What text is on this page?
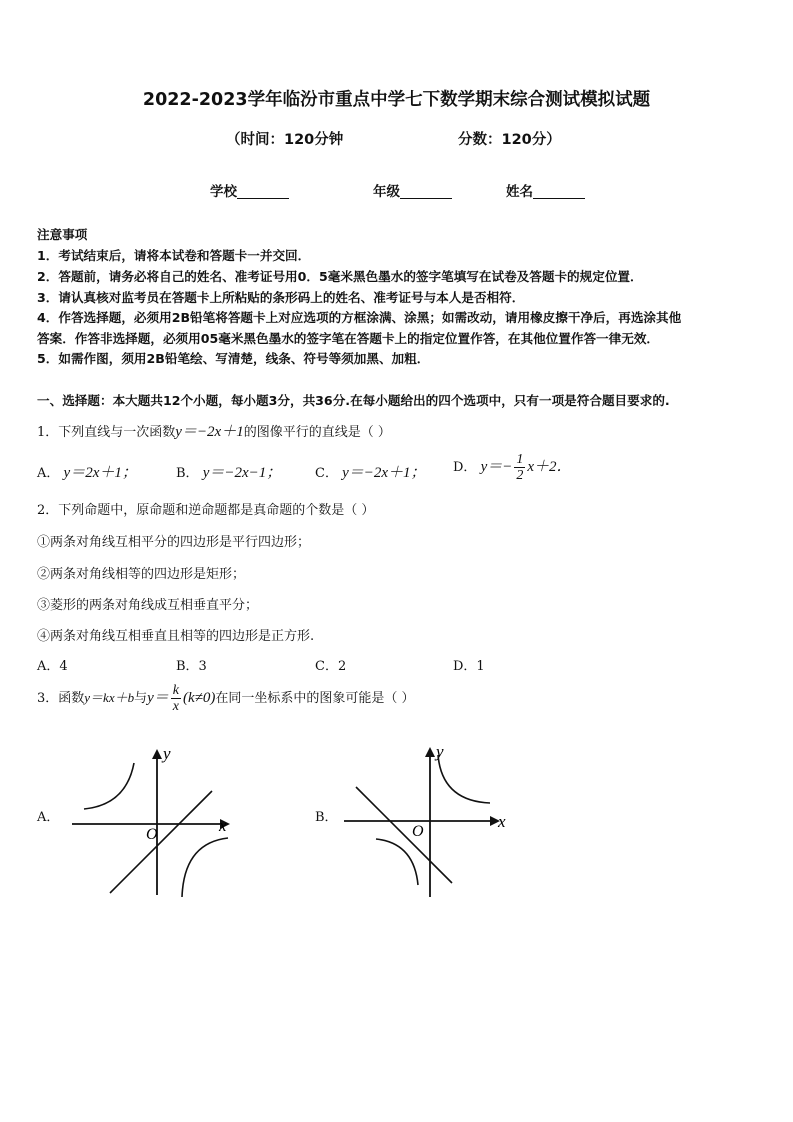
2022-2023学年临汾市重点中学七下数学期末综合测试模拟试题
（时间：120分钟	分数：120分）
学校	年级	姓名
注意事项
1．考试结束后，请将本试卷和答题卡一并交回．
2．答题前，请务必将自己的姓名、准考证号用0．5毫米黑色墨水的签字笔填写在试卷及答题卡的规定位置．
3．请认真核对监考员在答题卡上所粘贴的条形码上的姓名、准考证号与本人是否相符．
4．作答选择题，必须用2B铅笔将答题卡上对应选项的方框涂满、涂黑；如需改动，请用橡皮擦干净后，再选涂其他
答案．作答非选择题，必须用05毫米黑色墨水的签字笔在答题卡上的指定位置作答，在其他位置作答一律无效．
5．如需作图，须用2B铅笔绘、写清楚，线条、符号等须加黑、加粗．
一、选择题：本大题共12个小题，每小题3分，共36分.在每小题给出的四个选项中，只有一项是符合题目要求的.
1．下列直线与一次函数y＝−2x＋1的图像平行的直线是（ ）
A． y＝2x＋1；	B． y＝−2x−1；	C． y＝−2x＋1； D． $y=- \frac{1}{2} x+2$．
2．下列命题中，原命题和逆命题都是真命题的个数是（ ）
①两条对角线互相平分的四边形是平行四边形；
②两条对角线相等的四边形是矩形；
③菱形的两条对角线成互相垂直平分；
④两条对角线互相垂直且相等的四边形是正方形.
A．4	B．3	C．2	D．1
3．函数y＝kx＋b与$y= \frac{k}{x} (k\ne 0)$在同一坐标系中的图象可能是（ ）
A．	B．
x
y
O
x
y
O
